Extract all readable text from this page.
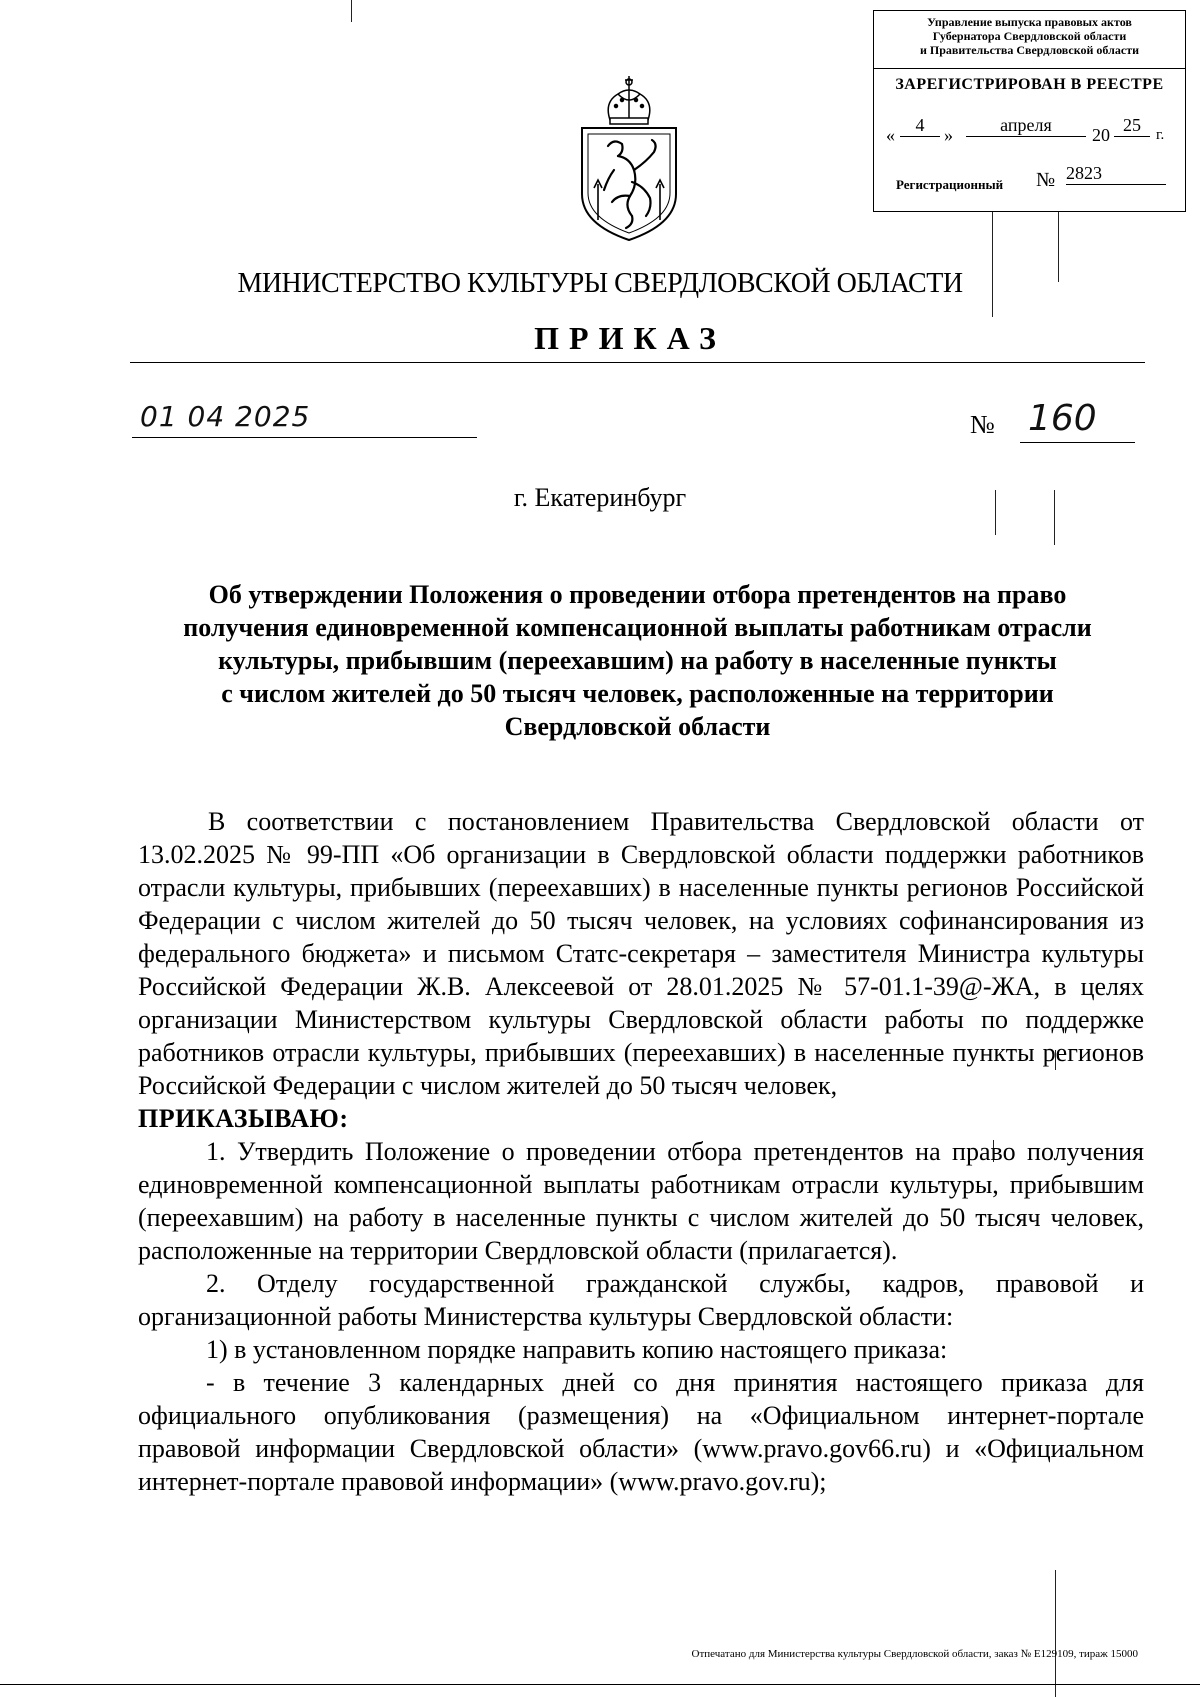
Управление выпуска правовых актов
Губернатора Свердловской области
и Правительства Свердловской области
ЗАРЕГИСТРИРОВАН В РЕЕСТРЕ
«	4	»	апреля	20 25	г.
Регистрационный № 2823
МИНИСТЕРСТВО КУЛЬТУРЫ СВЕРДЛОВСКОЙ ОБЛАСТИ
ПРИКАЗ
01 04 2025	№ 160
г. Екатеринбург
Об утверждении Положения о проведении отбора претендентов на право
получения единовременной компенсационной выплаты работникам отрасли
культуры, прибывшим (переехавшим) на работу в населенные пункты
с числом жителей до 50 тысяч человек, расположенные на территории
Свердловской области

В соответствии с постановлением Правительства Свердловской области от 13.02.2025 № 99-ПП «Об организации в Свердловской области поддержки работников отрасли культуры, прибывших (переехавших) в населенные пункты регионов Российской Федерации с числом жителей до 50 тысяч человек, на условиях софинансирования из федерального бюджета» и письмом Статс-секретаря – заместителя Министра культуры Российской Федерации Ж.В. Алексеевой от 28.01.2025 № 57-01.1-39@-ЖА, в целях организации Министерством культуры Свердловской области работы по поддержке работников отрасли культуры, прибывших (переехавших) в населенные пункты регионов Российской Федерации с числом жителей до 50 тысяч человек,

ПРИКАЗЫВАЮ:

1. Утвердить Положение о проведении отбора претендентов на право получения единовременной компенсационной выплаты работникам отрасли культуры, прибывшим (переехавшим) на работу в населенные пункты с числом жителей до 50 тысяч человек, расположенные на территории Свердловской области (прилагается).

2. Отделу государственной гражданской службы, кадров, правовой и организационной работы Министерства культуры Свердловской области:

1) в установленном порядке направить копию настоящего приказа:

- в течение 3 календарных дней со дня принятия настоящего приказа для официального опубликования (размещения) на «Официальном интернет-портале правовой информации Свердловской области» (www.pravo.gov66.ru) и «Официальном интернет-портале правовой информации» (www.pravo.gov.ru);

Отпечатано для Министерства культуры Свердловской области, заказ № Е129109, тираж 15000
